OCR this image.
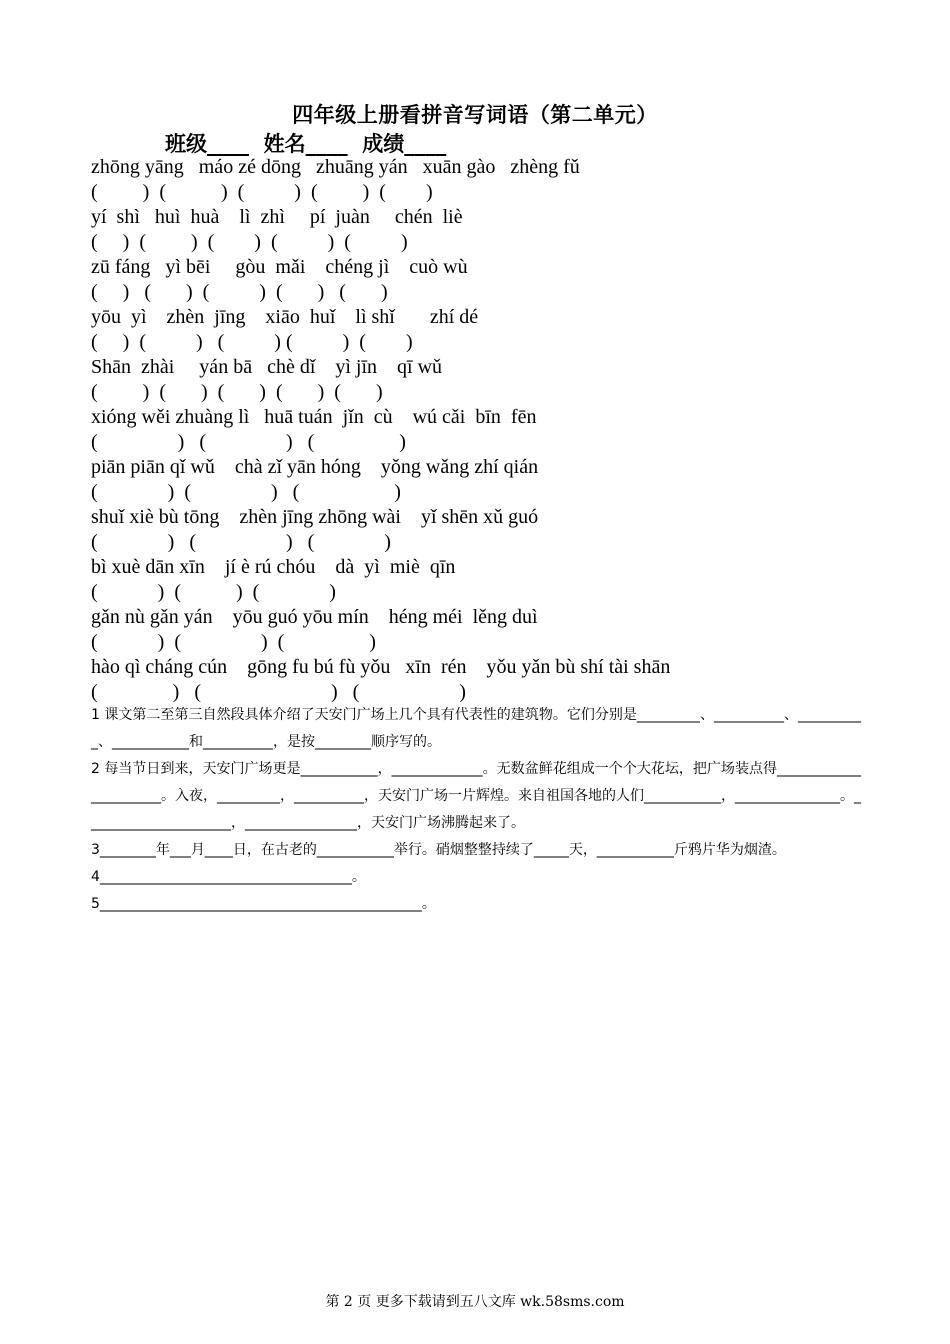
四年级上册看拼音写词语（第二单元）
班级____  姓名____  成绩____
zhōng yāng   máo zé dōng   zhuāng yán   xuān gào   zhèng fǔ
(         )  (           )  (          )  (         )  (        )
yí  shì   huì  huà    lì  zhì     pí  juàn     chén  liè
(     )  (         )  (        )  (          )  (          )
zū fáng   yì bēi     gòu  mǎi    chéng jì    cuò wù
(     )   (       )  (          )  (       )   (       )
yōu  yì    zhèn  jīng    xiāo  huǐ    lì shǐ       zhí dé
(     )  (          )   (          ) (          )  (        )
Shān  zhài     yán bā   chè dǐ    yì jīn    qī wǔ
(         )  (       )  (       )  (       )  (       )
xióng wěi zhuàng lì   huā tuán  jǐn  cù    wú cǎi  bīn  fēn
(                )   (                )   (                 )
piān piān qǐ wǔ    chà zǐ yān hóng    yǒng wǎng zhí qián
(              )  (                )   (                   )
shuǐ xiè bù tōng    zhèn jīng zhōng wài    yǐ shēn xǔ guó
(              )   (                  )   (              )
bì xuè dān xīn    jí è rú chóu    dà  yì  miè  qīn
(            )  (           )  (              )
gǎn nù gǎn yán    yōu guó yōu mín    héng méi  lěng duì
(            )  (                )  (                 )
hào qì cháng cún    gōng fu bú fù yǒu   xīn  rén    yǒu yǎn bù shí tài shān
(               )   (                          )   (                    )

1 课文第二至第三自然段具体介绍了天安门广场上几个具有代表性的建筑物。它们分别是_________、__________、__________、___________和__________，是按________顺序写的。

2 每当节日到来，天安门广场更是___________，_____________。无数盆鲜花组成一个个大花坛，把广场装点得______________________。入夜，_________，__________，天安门广场一片辉煌。来自祖国各地的人们___________，_______________。_____________________，________________，天安门广场沸腾起来了。

3________年___月____日，在古老的___________举行。硝烟整整持续了_____天，___________斤鸦片华为烟渣。

4____________________________________。

5______________________________________________。

第 2 页 更多下载请到五八文库 wk.58sms.com
